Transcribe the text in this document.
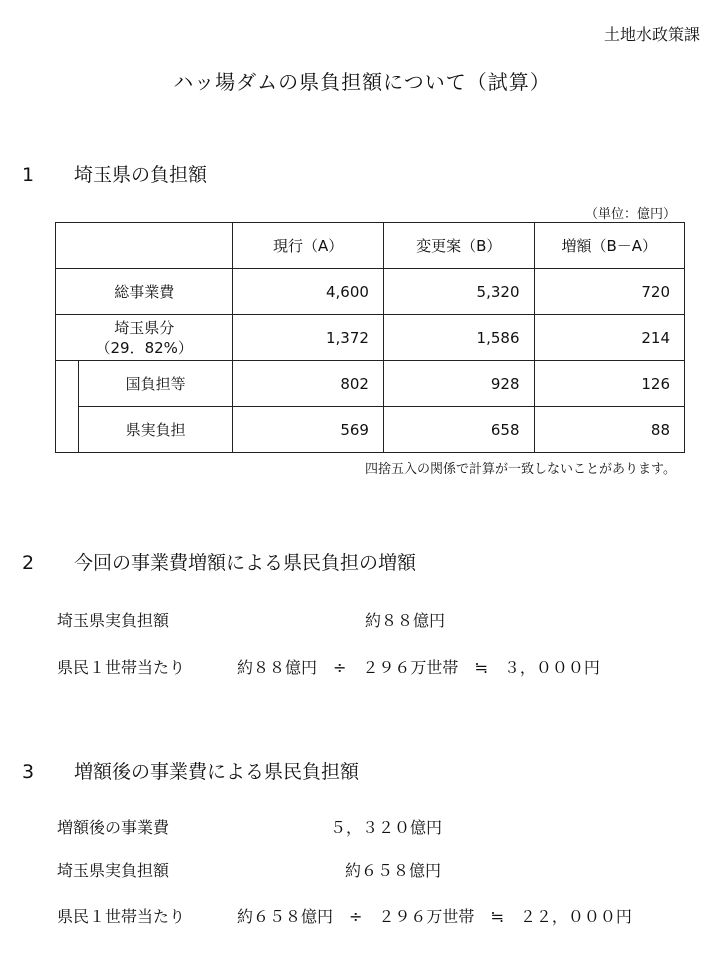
土地水政策課
ハッ場ダムの県負担額について（試算）
1 埼玉県の負担額
（単位：億円）
		現行（A）	変更案（B）	増額（B－A）
総事業費		4,600	5,320	720

埼玉県分
（29．82%）		1,372	1,586	214
	国負担等	802	928	126
	県実負担	569	658	88
四捨五入の関係で計算が一致しないことがあります。
2 今回の事業費増額による県民負担の増額
埼玉県実負担額	約８８億円
県民１世帯当たり	約８８億円　÷　２９６万世帯　≒　３，０００円
3 増額後の事業費による県民負担額
増額後の事業費	５，３２０億円
埼玉県実負担額	約６５８億円
県民１世帯当たり	約６５８億円　÷　２９６万世帯　≒　２２，０００円
